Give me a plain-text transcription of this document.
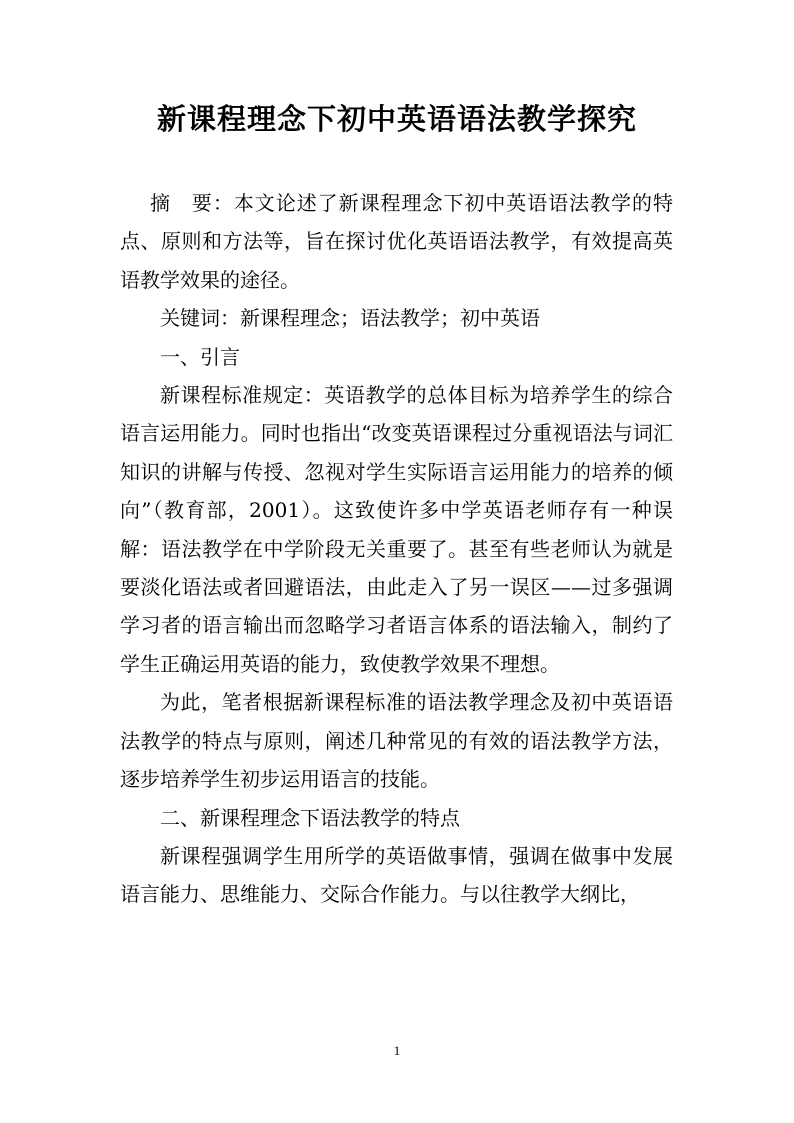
新课程理念下初中英语语法教学探究

摘　要：本文论述了新课程理念下初中英语语法教学的特点、原则和方法等，旨在探讨优化英语语法教学，有效提高英语教学效果的途径。

关键词：新课程理念；语法教学；初中英语

一、引言

新课程标准规定：英语教学的总体目标为培养学生的综合语言运用能力。同时也指出“改变英语课程过分重视语法与词汇知识的讲解与传授、忽视对学生实际语言运用能力的培养的倾向”（教育部，2001）。这致使许多中学英语老师存有一种误解：语法教学在中学阶段无关重要了。甚至有些老师认为就是要淡化语法或者回避语法，由此走入了另一误区——过多强调学习者的语言输出而忽略学习者语言体系的语法输入，制约了学生正确运用英语的能力，致使教学效果不理想。

为此，笔者根据新课程标准的语法教学理念及初中英语语法教学的特点与原则，阐述几种常见的有效的语法教学方法，逐步培养学生初步运用语言的技能。

二、新课程理念下语法教学的特点

新课程强调学生用所学的英语做事情，强调在做事中发展语言能力、思维能力、交际合作能力。与以往教学大纲比，

1
